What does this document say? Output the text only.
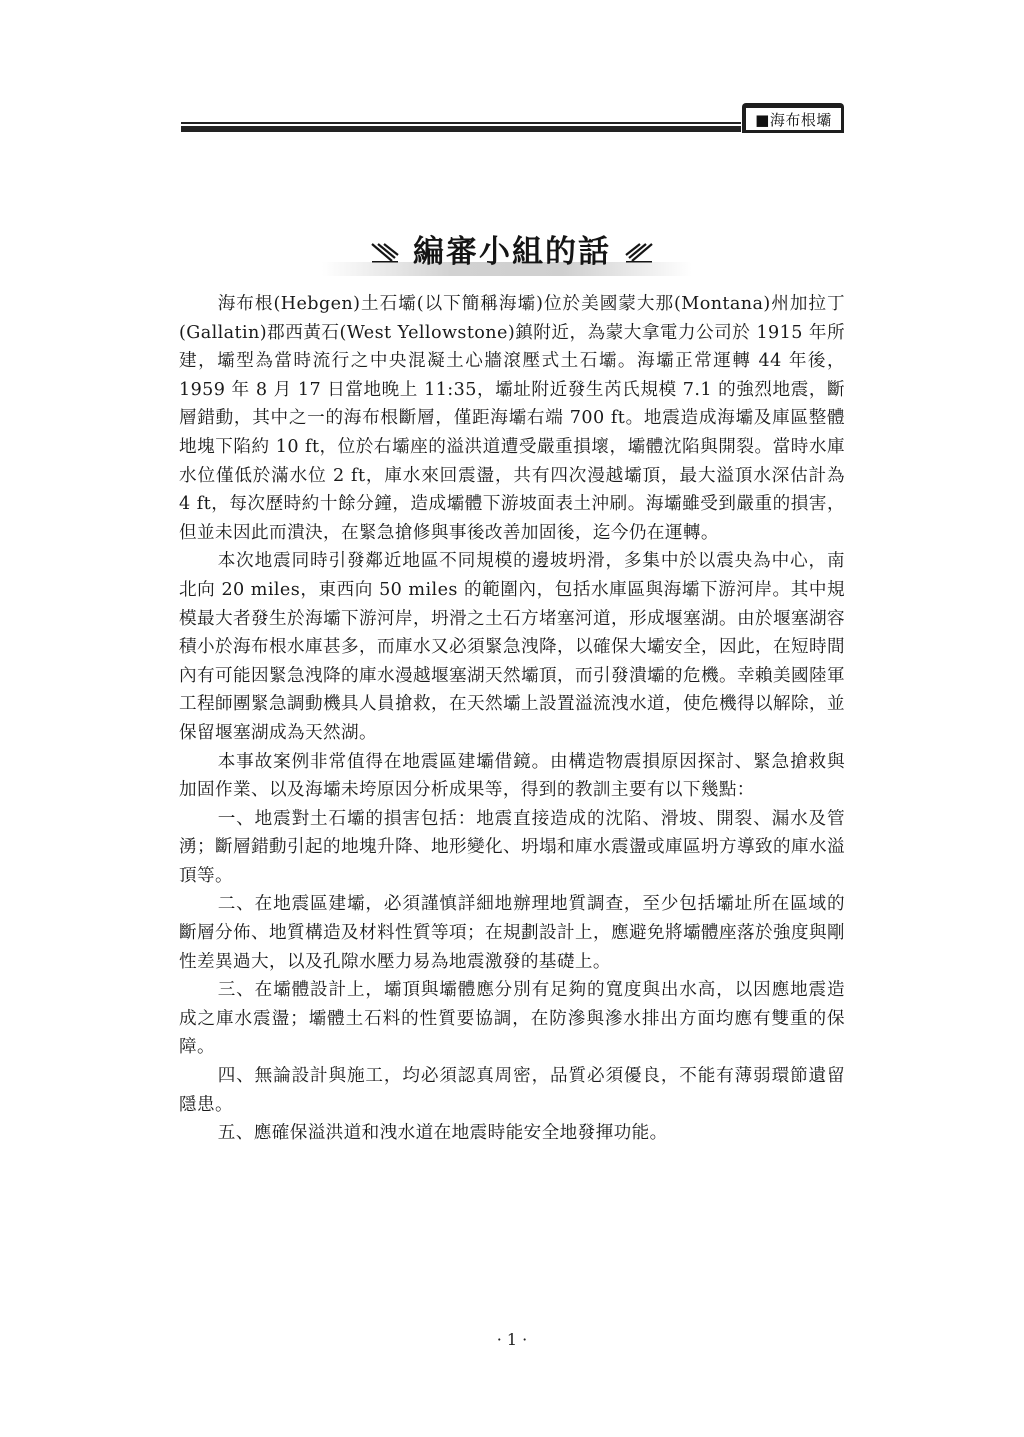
■海布根壩
編審小組的話

海布根(Hebgen)土石壩(以下簡稱海壩)位於美國蒙大那(Montana)州加拉丁(Gallatin)郡西黃石(West Yellowstone)鎮附近，為蒙大拿電力公司於 1915 年所建，壩型為當時流行之中央混凝土心牆滾壓式土石壩。海壩正常運轉 44 年後，1959 年 8 月 17 日當地晚上 11:35，壩址附近發生芮氏規模 7.1 的強烈地震，斷層錯動，其中之一的海布根斷層，僅距海壩右端 700 ft。地震造成海壩及庫區整體地塊下陷約 10 ft，位於右壩座的溢洪道遭受嚴重損壞，壩體沈陷與開裂。當時水庫水位僅低於滿水位 2 ft，庫水來回震盪，共有四次漫越壩頂，最大溢頂水深估計為 4 ft，每次歷時約十餘分鐘，造成壩體下游坡面表土沖刷。海壩雖受到嚴重的損害，但並未因此而潰決，在緊急搶修與事後改善加固後，迄今仍在運轉。

本次地震同時引發鄰近地區不同規模的邊坡坍滑，多集中於以震央為中心，南北向 20 miles，東西向 50 miles 的範圍內，包括水庫區與海壩下游河岸。其中規模最大者發生於海壩下游河岸，坍滑之土石方堵塞河道，形成堰塞湖。由於堰塞湖容積小於海布根水庫甚多，而庫水又必須緊急洩降，以確保大壩安全，因此，在短時間內有可能因緊急洩降的庫水漫越堰塞湖天然壩頂，而引發潰壩的危機。幸賴美國陸軍工程師團緊急調動機具人員搶救，在天然壩上設置溢流洩水道，使危機得以解除，並保留堰塞湖成為天然湖。

本事故案例非常值得在地震區建壩借鏡。由構造物震損原因探討、緊急搶救與加固作業、以及海壩未垮原因分析成果等，得到的教訓主要有以下幾點：

一、地震對土石壩的損害包括：地震直接造成的沈陷、滑坡、開裂、漏水及管湧；斷層錯動引起的地塊升降、地形變化、坍塌和庫水震盪或庫區坍方導致的庫水溢頂等。

二、在地震區建壩，必須謹慎詳細地辦理地質調查，至少包括壩址所在區域的斷層分佈、地質構造及材料性質等項；在規劃設計上，應避免將壩體座落於強度與剛性差異過大，以及孔隙水壓力易為地震激發的基礎上。

三、在壩體設計上，壩頂與壩體應分別有足夠的寬度與出水高，以因應地震造成之庫水震盪；壩體土石料的性質要協調，在防滲與滲水排出方面均應有雙重的保障。

四、無論設計與施工，均必須認真周密，品質必須優良，不能有薄弱環節遺留隱患。

五、應確保溢洪道和洩水道在地震時能安全地發揮功能。

· 1 ·
